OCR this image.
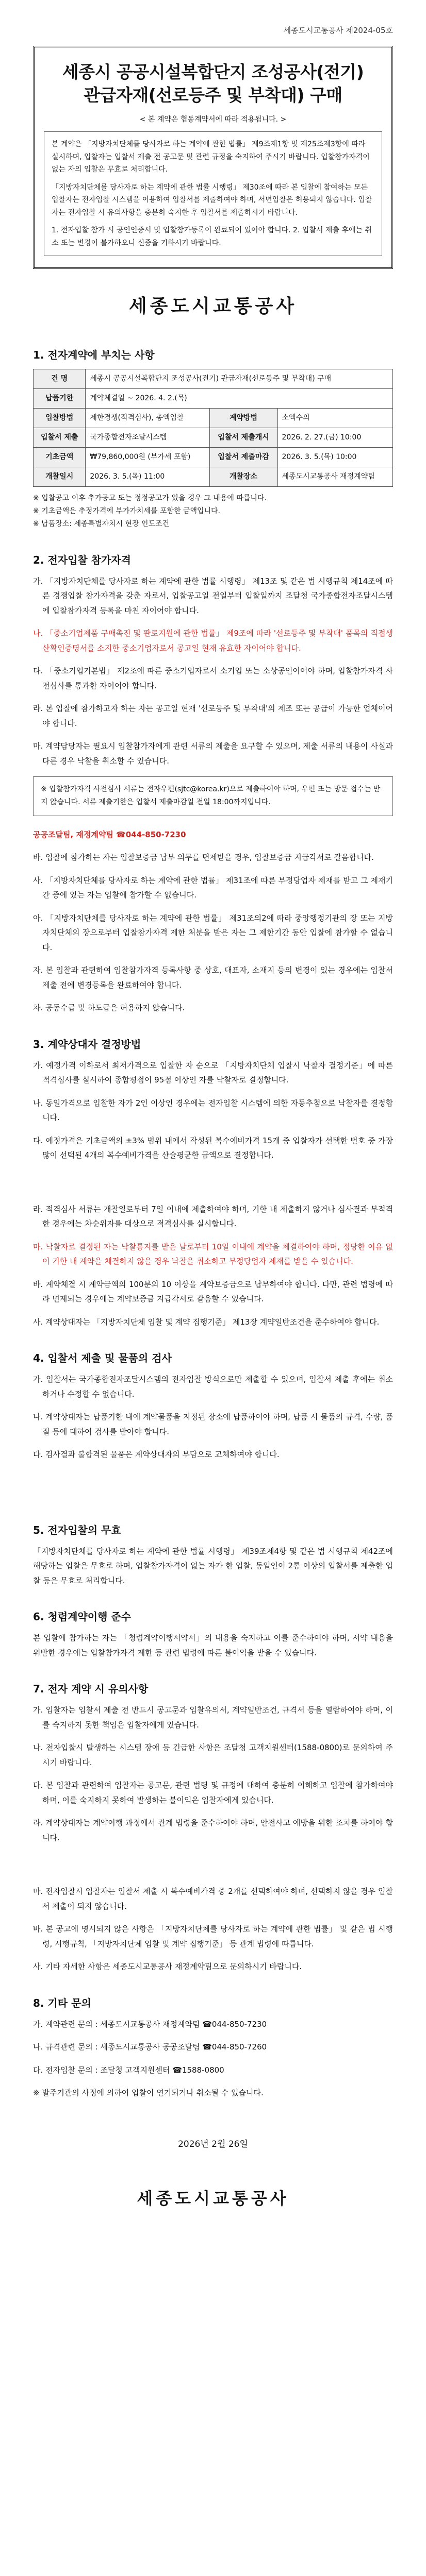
세종도시교통공사 제2024-05호
세종시 공공시설복합단지 조성공사(전기)
관급자재(선로등주 및 부착대) 구매
< 본 계약은 협동계약서에 따라 적용됩니다. >

본 계약은 「지방자치단체를 당사자로 하는 계약에 관한 법률」 제9조제1항 및 제25조제3항에 따라 실시하며, 입찰자는 입찰서 제출 전 공고문 및 관련 규정을 숙지하여 주시기 바랍니다. 입찰참가자격이 없는 자의 입찰은 무효로 처리합니다.

「지방자치단체를 당사자로 하는 계약에 관한 법률 시행령」 제30조에 따라 본 입찰에 참여하는 모든 입찰자는 전자입찰 시스템을 이용하여 입찰서를 제출하여야 하며, 서면입찰은 허용되지 않습니다. 입찰자는 전자입찰 시 유의사항을 충분히 숙지한 후 입찰서를 제출하시기 바랍니다.

1. 전자입찰 참가 시 공인인증서 및 입찰참가등록이 완료되어 있어야 합니다. 2. 입찰서 제출 후에는 취소 또는 변경이 불가하오니 신중을 기하시기 바랍니다.

세종도시교통공사
1. 전자계약에 부치는 사항
건 명	세종시 공공시설복합단지 조성공사(전기) 관급자재(선로등주 및 부착대) 구매		
납품기한	계약체결일 ~ 2026. 4. 2.(목)		
입찰방법	제한경쟁(적격심사), 총액입찰	계약방법	소액수의
입찰서 제출	국가종합전자조달시스템	입찰서 제출개시	2026. 2. 27.(금) 10:00
기초금액	₩79,860,000원 (부가세 포함)	입찰서 제출마감	2026. 3. 5.(목) 10:00
개찰일시	2026. 3. 5.(목) 11:00	개찰장소	세종도시교통공사 재정계약팀
※ 입찰공고 이후 추가공고 또는 정정공고가 있을 경우 그 내용에 따릅니다.
※ 기초금액은 추정가격에 부가가치세를 포함한 금액입니다.
※ 납품장소: 세종특별자치시 현장 인도조건
2. 전자입찰 참가자격

가. 「지방자치단체를 당사자로 하는 계약에 관한 법률 시행령」 제13조 및 같은 법 시행규칙 제14조에 따른 경쟁입찰 참가자격을 갖춘 자로서, 입찰공고일 전일부터 입찰일까지 조달청 국가종합전자조달시스템에 입찰참가자격 등록을 마친 자이어야 합니다.

나. 「중소기업제품 구매촉진 및 판로지원에 관한 법률」 제9조에 따라 '선로등주 및 부착대' 품목의 직접생산확인증명서를 소지한 중소기업자로서 공고일 현재 유효한 자이어야 합니다.

다. 「중소기업기본법」 제2조에 따른 중소기업자로서 소기업 또는 소상공인이어야 하며, 입찰참가자격 사전심사를 통과한 자이어야 합니다.

라. 본 입찰에 참가하고자 하는 자는 공고일 현재 '선로등주 및 부착대'의 제조 또는 공급이 가능한 업체이어야 합니다.

마. 계약담당자는 필요시 입찰참가자에게 관련 서류의 제출을 요구할 수 있으며, 제출 서류의 내용이 사실과 다른 경우 낙찰을 취소할 수 있습니다.

※ 입찰참가자격 사전심사 서류는 전자우편(sjtc@korea.kr)으로 제출하여야 하며, 우편 또는 방문 접수는 받지 않습니다. 서류 제출기한은 입찰서 제출마감일 전일 18:00까지입니다.

공공조달팀, 재정계약팀 ☎044-850-7230

바. 입찰에 참가하는 자는 입찰보증금 납부 의무를 면제받을 경우, 입찰보증금 지급각서로 갈음합니다.

사. 「지방자치단체를 당사자로 하는 계약에 관한 법률」 제31조에 따른 부정당업자 제재를 받고 그 제재기간 중에 있는 자는 입찰에 참가할 수 없습니다.

아. 「지방자치단체를 당사자로 하는 계약에 관한 법률」 제31조의2에 따라 중앙행정기관의 장 또는 지방자치단체의 장으로부터 입찰참가자격 제한 처분을 받은 자는 그 제한기간 동안 입찰에 참가할 수 없습니다.

자. 본 입찰과 관련하여 입찰참가자격 등록사항 중 상호, 대표자, 소재지 등의 변경이 있는 경우에는 입찰서 제출 전에 변경등록을 완료하여야 합니다.

차. 공동수급 및 하도급은 허용하지 않습니다.

3. 계약상대자 결정방법

가. 예정가격 이하로서 최저가격으로 입찰한 자 순으로 「지방자치단체 입찰시 낙찰자 결정기준」에 따른 적격심사를 실시하여 종합평점이 95점 이상인 자를 낙찰자로 결정합니다.

나. 동일가격으로 입찰한 자가 2인 이상인 경우에는 전자입찰 시스템에 의한 자동추첨으로 낙찰자를 결정합니다.

다. 예정가격은 기초금액의 ±3% 범위 내에서 작성된 복수예비가격 15개 중 입찰자가 선택한 번호 중 가장 많이 선택된 4개의 복수예비가격을 산술평균한 금액으로 결정합니다.

라. 적격심사 서류는 개찰일로부터 7일 이내에 제출하여야 하며, 기한 내 제출하지 않거나 심사결과 부적격한 경우에는 차순위자를 대상으로 적격심사를 실시합니다.

마. 낙찰자로 결정된 자는 낙찰통지를 받은 날로부터 10일 이내에 계약을 체결하여야 하며, 정당한 이유 없이 기한 내 계약을 체결하지 않을 경우 낙찰을 취소하고 부정당업자 제재를 받을 수 있습니다.

바. 계약체결 시 계약금액의 100분의 10 이상을 계약보증금으로 납부하여야 합니다. 다만, 관련 법령에 따라 면제되는 경우에는 계약보증금 지급각서로 갈음할 수 있습니다.

사. 계약상대자는 「지방자치단체 입찰 및 계약 집행기준」 제13장 계약일반조건을 준수하여야 합니다.

4. 입찰서 제출 및 물품의 검사

가. 입찰서는 국가종합전자조달시스템의 전자입찰 방식으로만 제출할 수 있으며, 입찰서 제출 후에는 취소하거나 수정할 수 없습니다.

나. 계약상대자는 납품기한 내에 계약물품을 지정된 장소에 납품하여야 하며, 납품 시 물품의 규격, 수량, 품질 등에 대하여 검사를 받아야 합니다.

다. 검사결과 불합격된 물품은 계약상대자의 부담으로 교체하여야 합니다.

5. 전자입찰의 무효

「지방자치단체를 당사자로 하는 계약에 관한 법률 시행령」 제39조제4항 및 같은 법 시행규칙 제42조에 해당하는 입찰은 무효로 하며, 입찰참가자격이 없는 자가 한 입찰, 동일인이 2통 이상의 입찰서를 제출한 입찰 등은 무효로 처리합니다.

6. 청렴계약이행 준수

본 입찰에 참가하는 자는 「청렴계약이행서약서」의 내용을 숙지하고 이를 준수하여야 하며, 서약 내용을 위반한 경우에는 입찰참가자격 제한 등 관련 법령에 따른 불이익을 받을 수 있습니다.

7. 전자 계약 시 유의사항

가. 입찰자는 입찰서 제출 전 반드시 공고문과 입찰유의서, 계약일반조건, 규격서 등을 열람하여야 하며, 이를 숙지하지 못한 책임은 입찰자에게 있습니다.

나. 전자입찰시 발생하는 시스템 장애 등 긴급한 사항은 조달청 고객지원센터(1588-0800)로 문의하여 주시기 바랍니다.

다. 본 입찰과 관련하여 입찰자는 공고문, 관련 법령 및 규정에 대하여 충분히 이해하고 입찰에 참가하여야 하며, 이를 숙지하지 못하여 발생하는 불이익은 입찰자에게 있습니다.

라. 계약상대자는 계약이행 과정에서 관계 법령을 준수하여야 하며, 안전사고 예방을 위한 조치를 하여야 합니다.

마. 전자입찰시 입찰자는 입찰서 제출 시 복수예비가격 중 2개를 선택하여야 하며, 선택하지 않을 경우 입찰서 제출이 되지 않습니다.

바. 본 공고에 명시되지 않은 사항은 「지방자치단체를 당사자로 하는 계약에 관한 법률」 및 같은 법 시행령, 시행규칙, 「지방자치단체 입찰 및 계약 집행기준」 등 관계 법령에 따릅니다.

사. 기타 자세한 사항은 세종도시교통공사 재정계약팀으로 문의하시기 바랍니다.

8. 기타 문의

가. 계약관련 문의 : 세종도시교통공사 재정계약팀 ☎044-850-7230

나. 규격관련 문의 : 세종도시교통공사 공공조달팀 ☎044-850-7260

다. 전자입찰 문의 : 조달청 고객지원센터 ☎1588-0800

※ 발주기관의 사정에 의하여 입찰이 연기되거나 취소될 수 있습니다.

2026년 2월 26일
세종도시교통공사
